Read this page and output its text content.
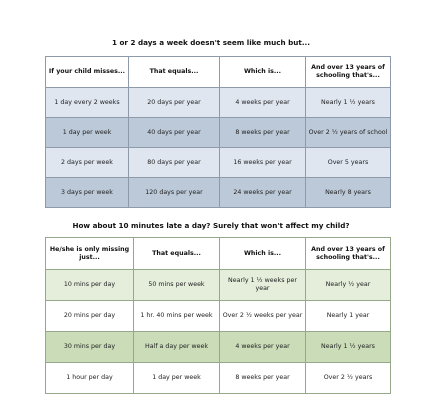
1 or 2 days a week doesn't seem like much but...
If your child misses...	That equals...	Which is...	And over 13 years of schooling that's...
1 day every 2 weeks	20 days per year	4 weeks per year	Nearly 1 ½ years
1 day per week	40 days per year	8 weeks per year	Over 2 ½ years of school
2 days per week	80 days per year	16 weeks per year	Over 5 years
3 days per week	120 days per year	24 weeks per year	Nearly 8 years
How about 10 minutes late a day? Surely that won't affect my child?
He/she is only missing just...	That equals...	Which is...	And over 13 years of schooling that's...
10 mins per day	50 mins per week	Nearly 1 ½ weeks per year	Nearly ½ year
20 mins per day	1 hr. 40 mins per week	Over 2 ½ weeks per year	Nearly 1 year
30 mins per day	Half a day per week	4 weeks per year	Nearly 1 ½ years
1 hour per day	1 day per week	8 weeks per year	Over 2 ½ years
